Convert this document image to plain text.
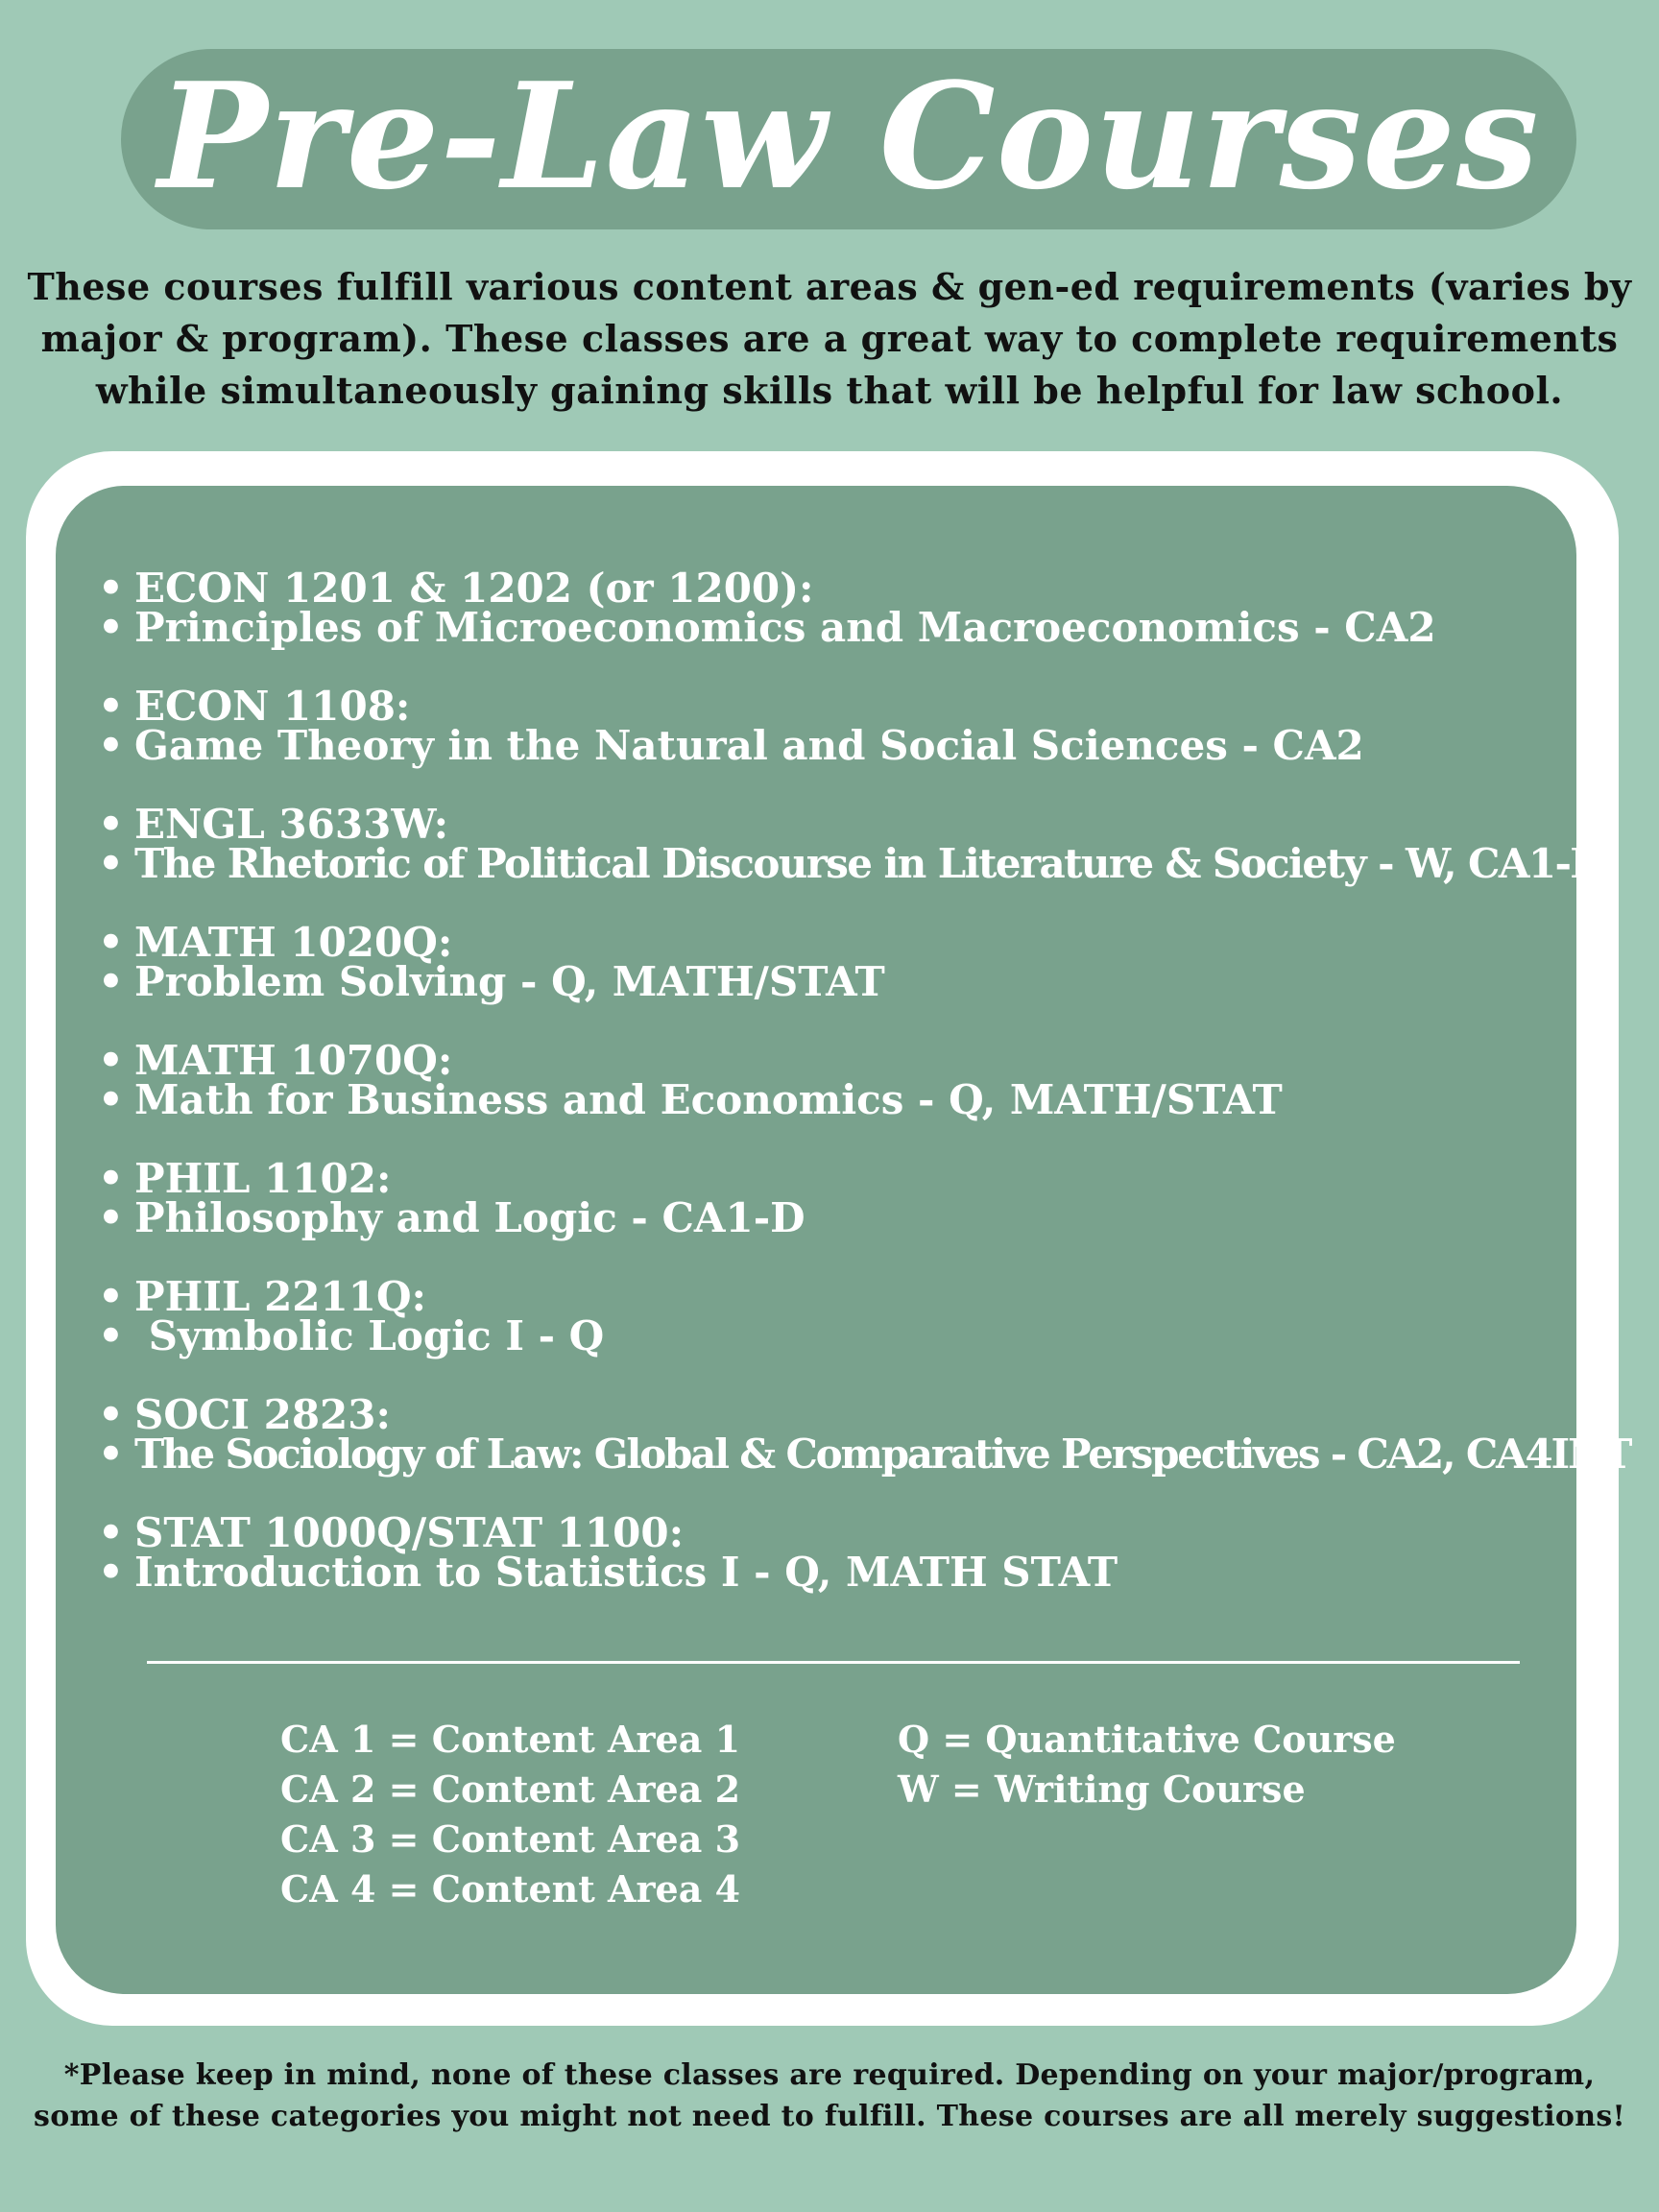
Pre-Law Courses
These courses fulfill various content areas & gen-ed requirements (varies by
major & program). These classes are a great way to complete requirements
while simultaneously gaining skills that will be helpful for law school.
• ECON 1201 & 1202 (or 1200):
• Principles of Microeconomics and Macroeconomics - CA2
• ECON 1108:
• Game Theory in the Natural and Social Sciences - CA2
• ENGL 3633W:
• The Rhetoric of Political Discourse in Literature & Society - W, CA1-B
• MATH 1020Q:
• Problem Solving - Q, MATH/STAT
• MATH 1070Q:
• Math for Business and Economics - Q, MATH/STAT
• PHIL 1102:
• Philosophy and Logic - CA1-D
• PHIL 2211Q:
• Symbolic Logic I - Q
• SOCI 2823:
• The Sociology of Law: Global & Comparative Perspectives - CA2, CA4INT
• STAT 1000Q/STAT 1100:
• Introduction to Statistics I - Q, MATH STAT
CA 1 = Content Area 1
CA 2 = Content Area 2
CA 3 = Content Area 3
CA 4 = Content Area 4
Q = Quantitative Course
W = Writing Course
*Please keep in mind, none of these classes are required. Depending on your major/program,
some of these categories you might not need to fulfill. These courses are all merely suggestions!
